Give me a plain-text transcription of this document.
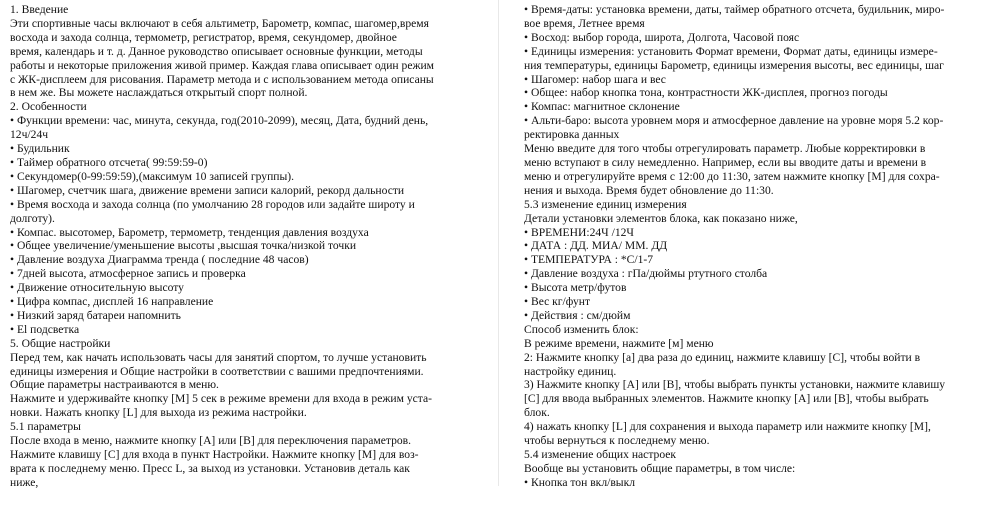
1. Введение
Эти спортивные часы включают в себя альтиметр, Барометр, компас, шагомер,время
восхода и захода солнца, термометр, регистратор, время, секундомер, двойное
время, календарь и т. д. Данное руководство описывает основные функции, методы
работы и некоторые приложения живой пример. Каждая глава описывает один режим
с ЖК-дисплеем для рисования. Параметр метода и с использованием метода описаны
в нем же. Вы можете наслаждаться открытый спорт полной.
2. Особенности
• Функции времени: час, минута, секунда, год(2010-2099), месяц, Дата, будний день,
12ч/24ч
• Будильник
• Таймер обратного отсчета( 99:59:59-0)
• Секундомер(0-99:59:59),(максимум 10 записей группы).
• Шагомер, счетчик шага, движение времени записи калорий, рекорд дальности
• Время восхода и захода солнца (по умолчанию 28 городов или задайте широту и
долготу).
• Компас. высотомер, Барометр, термометр, тенденция давления воздуха
• Общее увеличение/уменьшение высоты ,высшая точка/низкой точки
• Давление воздуха Диаграмма тренда ( последние 48 часов)
• 7дней высота, атмосферное запись и проверка
• Движение относительную высоту
• Цифра компас, дисплей 16 направление
• Низкий заряд батареи напомнить
• El подсветка
5. Общие настройки
Перед тем, как начать использовать часы для занятий спортом, то лучше установить
единицы измерения и Общие настройки в соответствии с вашими предпочтениями.
Общие параметры настраиваются в меню.
Нажмите и удерживайте кнопку [M] 5 сек в режиме времени для входа в режим уста-
новки. Нажать кнопку [L] для выхода из режима настройки.
5.1 параметры
После входа в меню, нажмите кнопку [A] или [B] для переключения параметров.
Нажмите клавишу [C] для входа в пункт Настройки. Нажмите кнопку [M] для воз-
врата к последнему меню. Пресс L, за выход из установки. Установив деталь как
ниже,
• Время-даты: установка времени, даты, таймер обратного отсчета, будильник, миро-
вое время, Летнее время
• Восход: выбор города, широта, Долгота, Часовой пояс
• Единицы измерения: установить Формат времени, Формат даты, единицы измере-
ния температуры, единицы Барометр, единицы измерения высоты, вес единицы, шаг
• Шагомер: набор шага и вес
• Общее: набор кнопка тона, контрастности ЖК-дисплея, прогноз погоды
• Компас: магнитное склонение
• Альти-баро: высота уровнем моря и атмосферное давление на уровне моря 5.2 кор-
ректировка данных
Меню введите для того чтобы отрегулировать параметр. Любые корректировки в
меню вступают в силу немедленно. Например, если вы вводите даты и времени в
меню и отрегулируйте время с 12:00 до 11:30, затем нажмите кнопку [M] для сохра-
нения и выхода. Время будет обновление до 11:30.
5.3 изменение единиц измерения
Детали установки элементов блока, как показано ниже,
• ВРЕМЕНИ:24Ч /12Ч
• ДАТА : ДД. МИА/ ММ. ДД
• ТЕМПЕРАТУРА : *C/1-7
• Давление воздуха : гПа/дюймы ртутного столба
• Высота метр/футов
• Вес кг/фунт
• Действия : см/дюйм
Способ изменить блок:
В режиме времени, нажмите [м] меню
2: Нажмите кнопку [а] два раза до единиц, нажмите клавишу [C], чтобы войти в
настройку единиц.
3) Нажмите кнопку [A] или [B], чтобы выбрать пункты установки, нажмите клавишу
[C] для ввода выбранных элементов. Нажмите кнопку [A] или [B], чтобы выбрать
блок.
4) нажать кнопку [L] для сохранения и выхода параметр или нажмите кнопку [M],
чтобы вернуться к последнему меню.
5.4 изменение общих настроек
Вообще вы установить общие параметры, в том числе:
• Кнопка тон вкл/выкл
